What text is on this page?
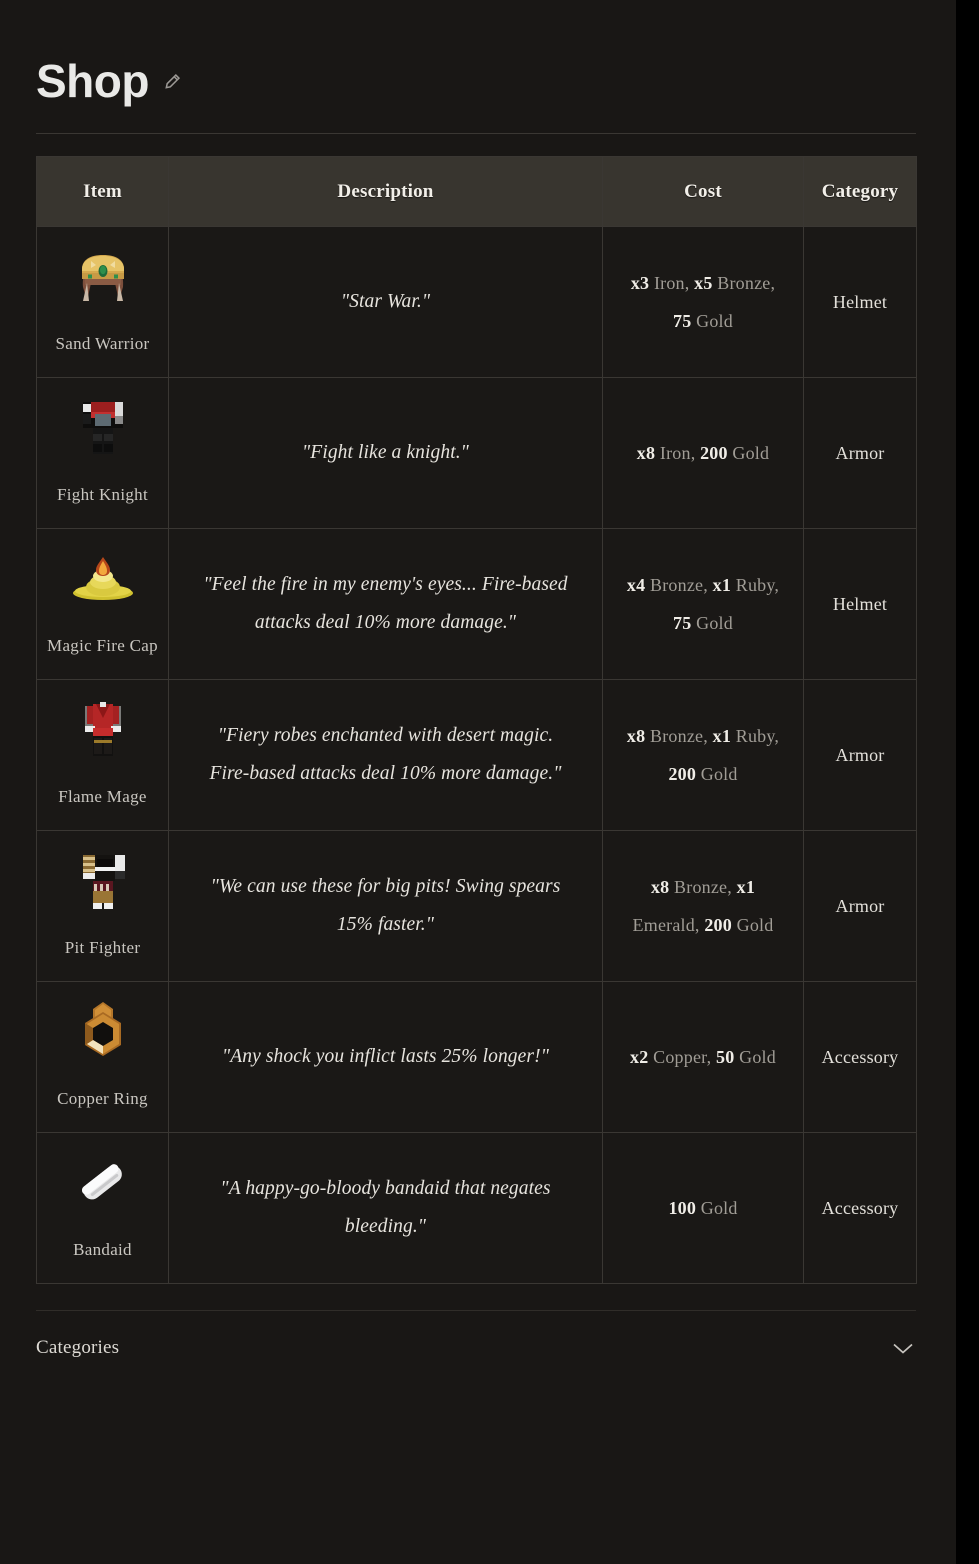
Shop
Item	Description	Cost	Category

Sand Warrior	"Star War."	x3 Iron, x5 Bronze, 75 Gold	Helmet

Fight Knight	"Fight like a knight."	x8 Iron, 200 Gold	Armor

Magic Fire Cap	"Feel the fire in my enemy's eyes... Fire-based attacks deal 10% more damage."	x4 Bronze, x1 Ruby, 75 Gold	Helmet

Flame Mage	"Fiery robes enchanted with desert magic. Fire-based attacks deal 10% more damage."	x8 Bronze, x1 Ruby, 200 Gold	Armor

Pit Fighter	"We can use these for big pits! Swing spears 15% faster."	x8 Bronze, x1 Emerald, 200 Gold	Armor

Copper Ring	"Any shock you inflict lasts 25% longer!"	x2 Copper, 50 Gold	Accessory

Bandaid	"A happy-go-bloody bandaid that negates bleeding."	100 Gold	Accessory
Categories
